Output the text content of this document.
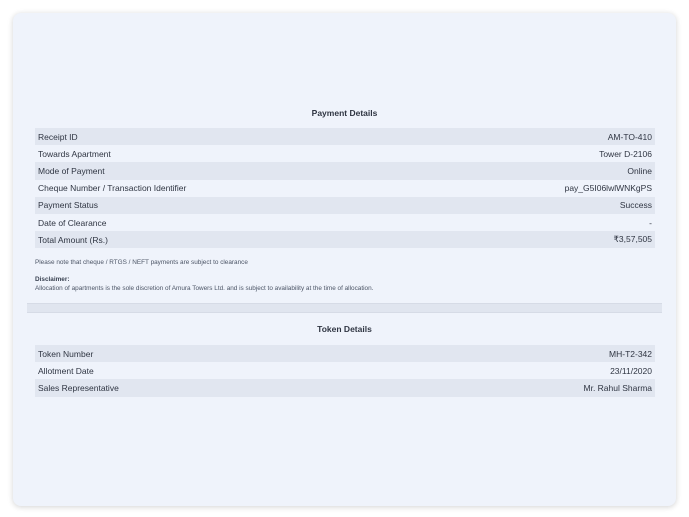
Payment Details
Receipt ID	AM-TO-410
Towards Apartment	Tower D-2106
Mode of Payment	Online
Cheque Number / Transaction Identifier	pay_G5I06lwlWNKgPS
Payment Status	Success
Date of Clearance	-
Total Amount (Rs.)	₹3,57,505
Please note that cheque / RTGS / NEFT payments are subject to clearance
Disclaimer:
Allocation of apartments is the sole discretion of Amura Towers Ltd. and is subject to availability at the time of allocation.
Token Details
Token Number	MH-T2-342
Allotment Date	23/11/2020
Sales Representative	Mr. Rahul Sharma
